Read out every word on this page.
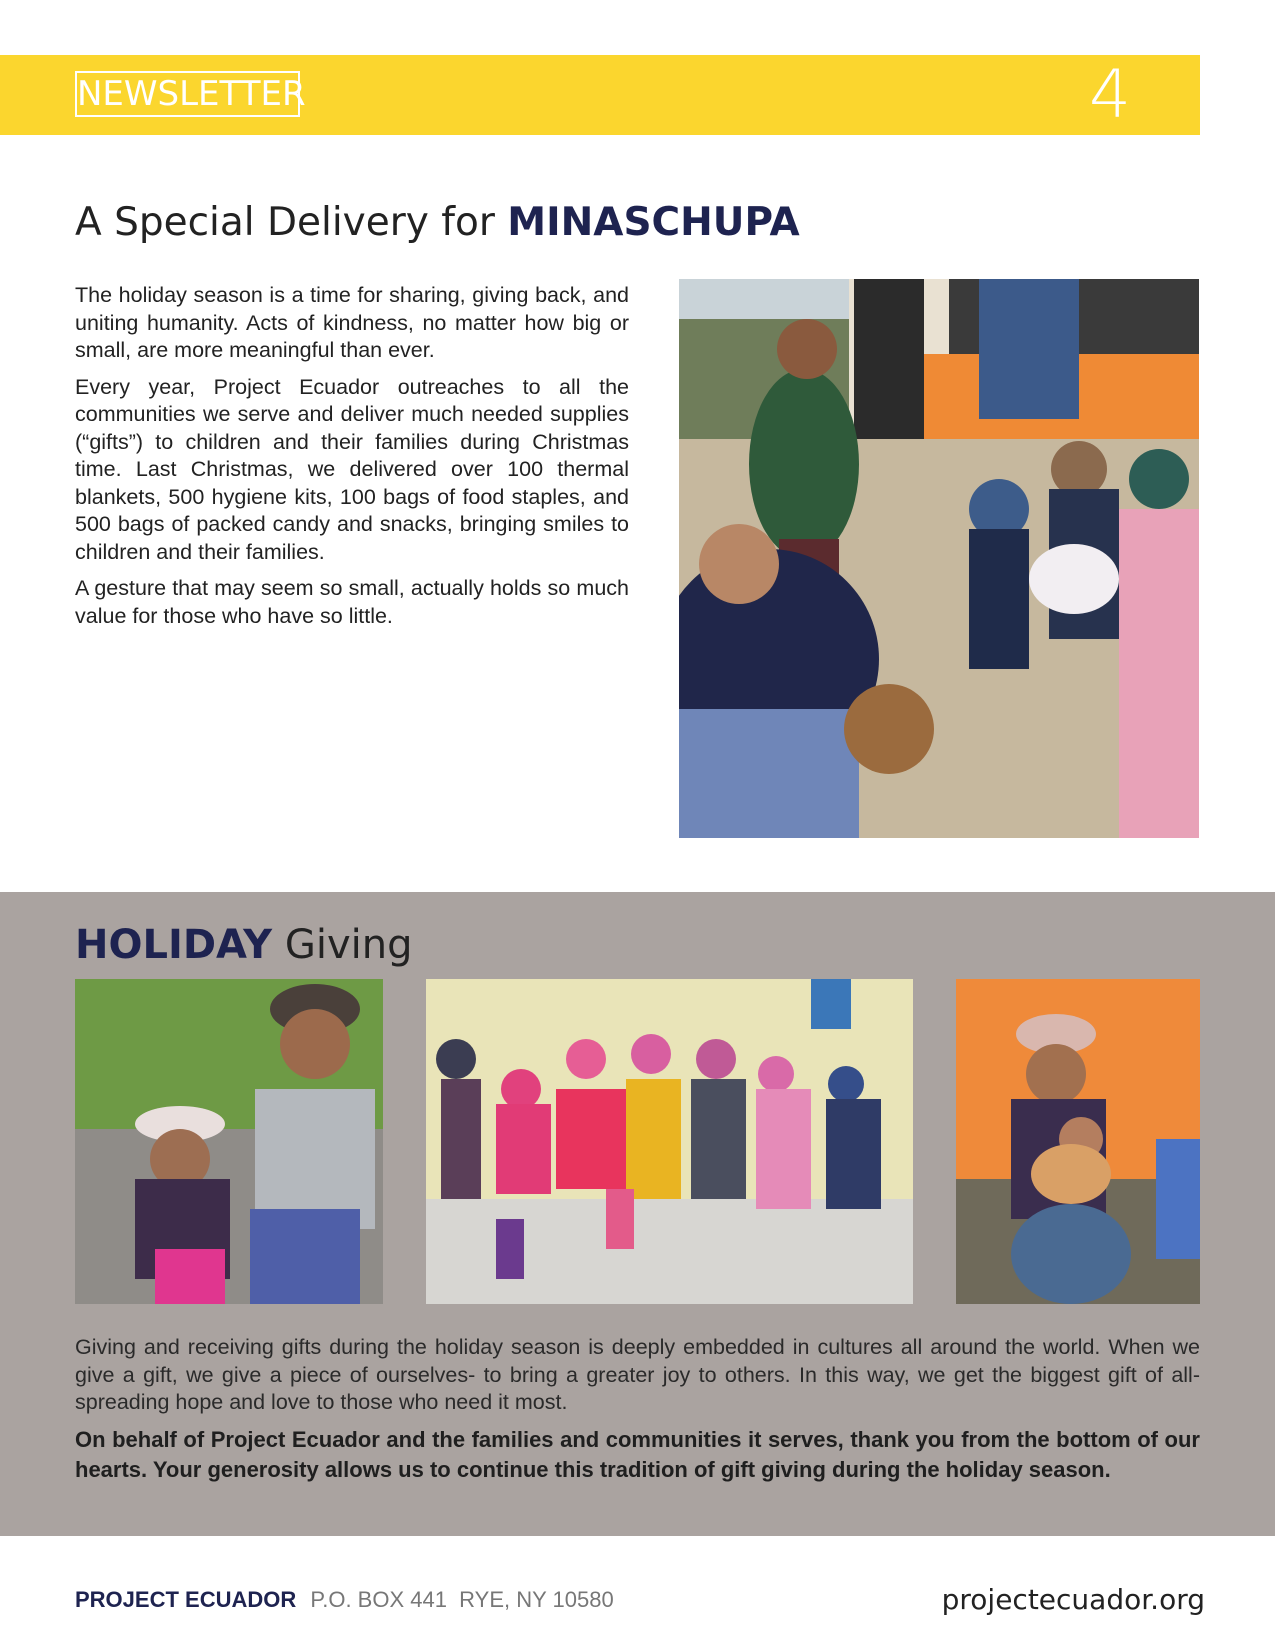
NEWSLETTER	4
A Special Delivery for MINASCHUPA

The holiday season is a time for sharing, giving back, and uniting humanity. Acts of kindness, no matter how big or small, are more meaningful than ever.

Every year, Project Ecuador outreaches to all the communities we serve and deliver much needed supplies (“gifts”) to children and their families during Christmas time. Last Christmas, we delivered over 100 thermal blankets, 500 hygiene kits, 100 bags of food staples, and 500 bags of packed candy and snacks, bringing smiles to children and their families.

A gesture that may seem so small, actually holds so much value for those who have so little.

HOLIDAY Giving

Giving and receiving gifts during the holiday season is deeply embedded in cultures all around the world. When we give a gift, we give a piece of ourselves- to bring a greater joy to others. In this way, we get the biggest gift of all- spreading hope and love to those who need it most.

On behalf of Project Ecuador and the families and communities it serves, thank you from the bottom of our hearts. Your generosity allows us to continue this tradition of gift giving during the holiday season.

PROJECT ECUADOR P.O. BOX 441  RYE, NY 10580	projectecuador.org
